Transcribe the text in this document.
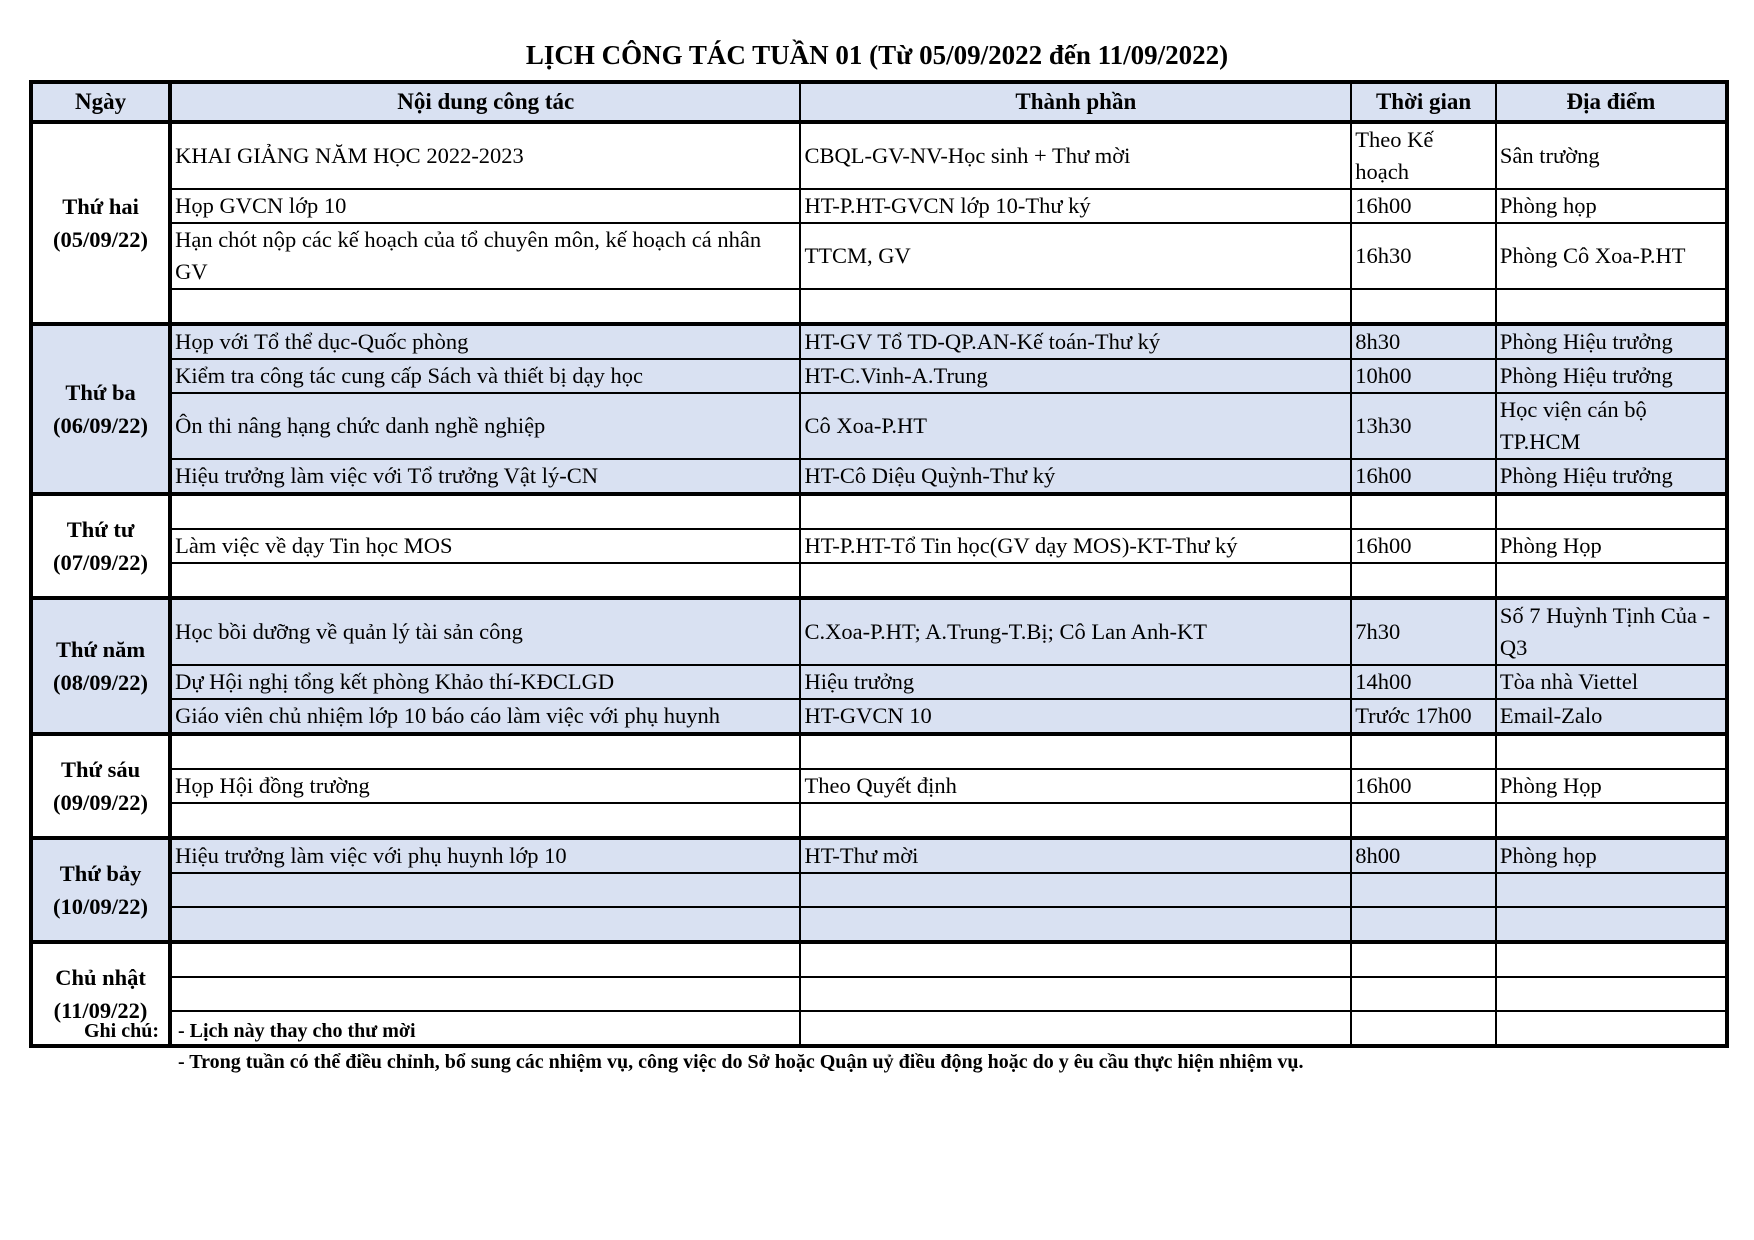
LỊCH CÔNG TÁC TUẦN 01 (Từ 05/09/2022 đến 11/09/2022)
Ngày	Nội dung công tác	Thành phần	Thời gian	Địa điểm

Thứ hai
(05/09/22)	KHAI GIẢNG NĂM HỌC 2022-2023	CBQL-GV-NV-Học sinh + Thư mời	Theo Kế hoạch	Sân trường
	Họp GVCN lớp 10	HT-P.HT-GVCN lớp 10-Thư ký	16h00	Phòng họp
	Hạn chót nộp các kế hoạch của tổ chuyên môn, kế hoạch cá nhân GV	TTCM, GV	16h30	Phòng Cô Xoa-P.HT

Thứ ba
(06/09/22)	Họp với Tổ thể dục-Quốc phòng	HT-GV Tổ TD-QP.AN-Kế toán-Thư ký	8h30	Phòng Hiệu trưởng
	Kiểm tra công tác cung cấp Sách và thiết bị dạy học	HT-C.Vinh-A.Trung	10h00	Phòng Hiệu trưởng
	Ôn thi nâng hạng chức danh nghề nghiệp	Cô Xoa-P.HT	13h30	Học viện cán bộ TP.HCM
	Hiệu trưởng làm việc với Tổ trưởng Vật lý-CN	HT-Cô Diệu Quỳnh-Thư ký	16h00	Phòng Hiệu trưởng

Thứ tư
(07/09/22)				

	Làm việc về dạy Tin học MOS	HT-P.HT-Tổ Tin học(GV dạy MOS)-KT-Thư ký	16h00	Phòng Họp

Thứ năm
(08/09/22)	Học bồi dưỡng về quản lý tài sản công	C.Xoa-P.HT; A.Trung-T.Bị; Cô Lan Anh-KT	7h30	Số 7 Huỳnh Tịnh Của -Q3
	Dự Hội nghị tổng kết phòng Khảo thí-KĐCLGD	Hiệu trưởng	14h00	Tòa nhà Viettel
	Giáo viên chủ nhiệm lớp 10 báo cáo làm việc với phụ huynh	HT-GVCN 10	Trước 17h00	Email-Zalo

Thứ sáu
(09/09/22)				

	Họp Hội đồng trường	Theo Quyết định	16h00	Phòng Họp

Thứ bảy
(10/09/22)	Hiệu trưởng làm việc với phụ huynh lớp 10	HT-Thư mời	8h00	Phòng họp

Chủ nhật
(11/09/22)				

Ghi chú: - Lịch này thay cho thư mời
- Trong tuần có thể điều chỉnh, bổ sung các nhiệm vụ, công việc do Sở hoặc Quận uỷ điều động hoặc do y êu cầu thực hiện nhiệm vụ.
